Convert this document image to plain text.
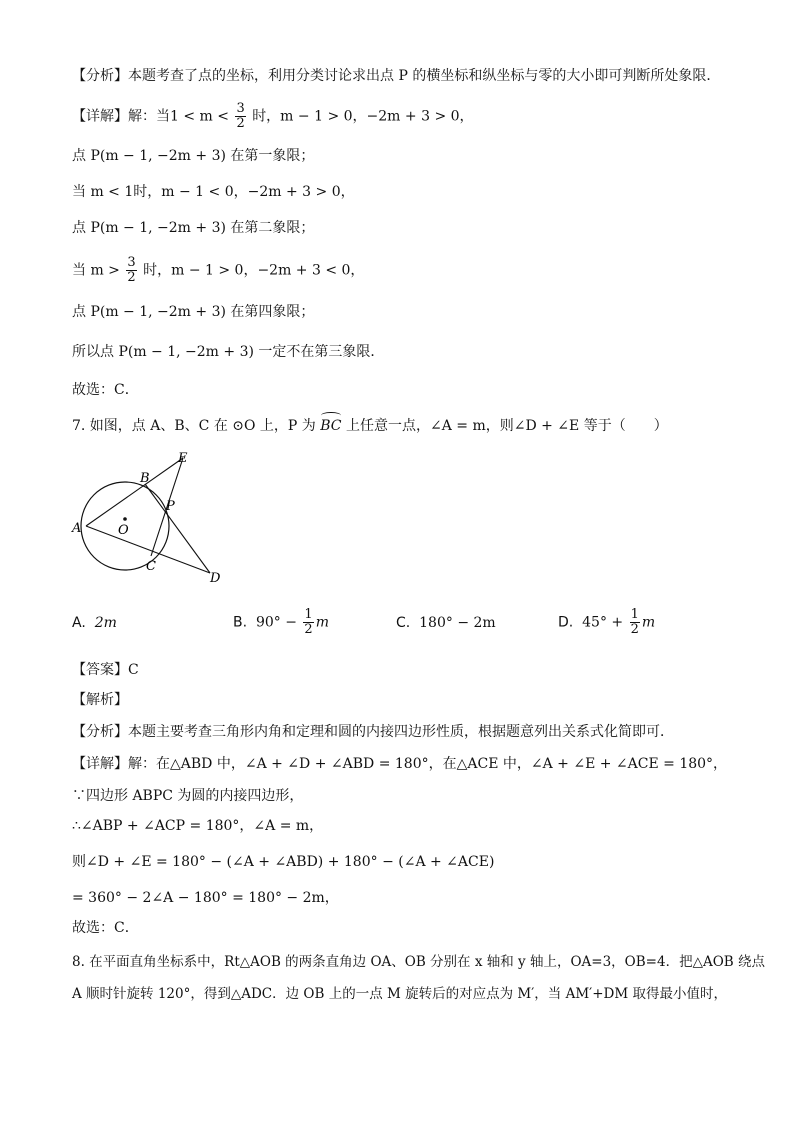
【分析】本题考查了点的坐标，利用分类讨论求出点 P 的横坐标和纵坐标与零的大小即可判断所处象限．
【详解】解：当$1 < m < \frac{3}{2}$ 时，m − 1 > 0，−2m + 3 > 0，
点 P(m − 1, −2m + 3) 在第一象限；
当 m < 1时，m − 1 < 0，−2m + 3 > 0，
点 P(m − 1, −2m + 3) 在第二象限；
当 $m > \frac{3}{2}$ 时，m − 1 > 0，−2m + 3 < 0，
点 P(m − 1, −2m + 3) 在第四象限；
所以点 P(m − 1, −2m + 3) 一定不在第三象限．
故选：C．
7. 如图，点 A、B、C 在 ⊙O 上，P 为 BC 上任意一点，∠A = m，则∠D + ∠E 等于（　　）
A
B
C
D
E
P
O
A. 2m	B. $90^\circ - \frac{1}{2}$ m	C. 180° − 2m	D. $45^\circ + \frac{1}{2}$ m
【答案】C
【解析】
【分析】本题主要考查三角形内角和定理和圆的内接四边形性质，根据题意列出关系式化简即可．
【详解】解：在△ABD 中，∠A + ∠D + ∠ABD = 180°，在△ACE 中，∠A + ∠E + ∠ACE = 180°，
∵四边形 ABPC 为圆的内接四边形，
∴∠ABP + ∠ACP = 180°，∠A = m，
则∠D + ∠E = 180° − (∠A + ∠ABD) + 180° − (∠A + ∠ACE)
= 360° − 2∠A − 180° = 180° − 2m，
故选：C．
8. 在平面直角坐标系中，Rt△AOB 的两条直角边 OA、OB 分别在 x 轴和 y 轴上，OA=3，OB=4．把△AOB 绕点
A 顺时针旋转 120°，得到△ADC．边 OB 上的一点 M 旋转后的对应点为 M′，当 AM′+DM 取得最小值时，
